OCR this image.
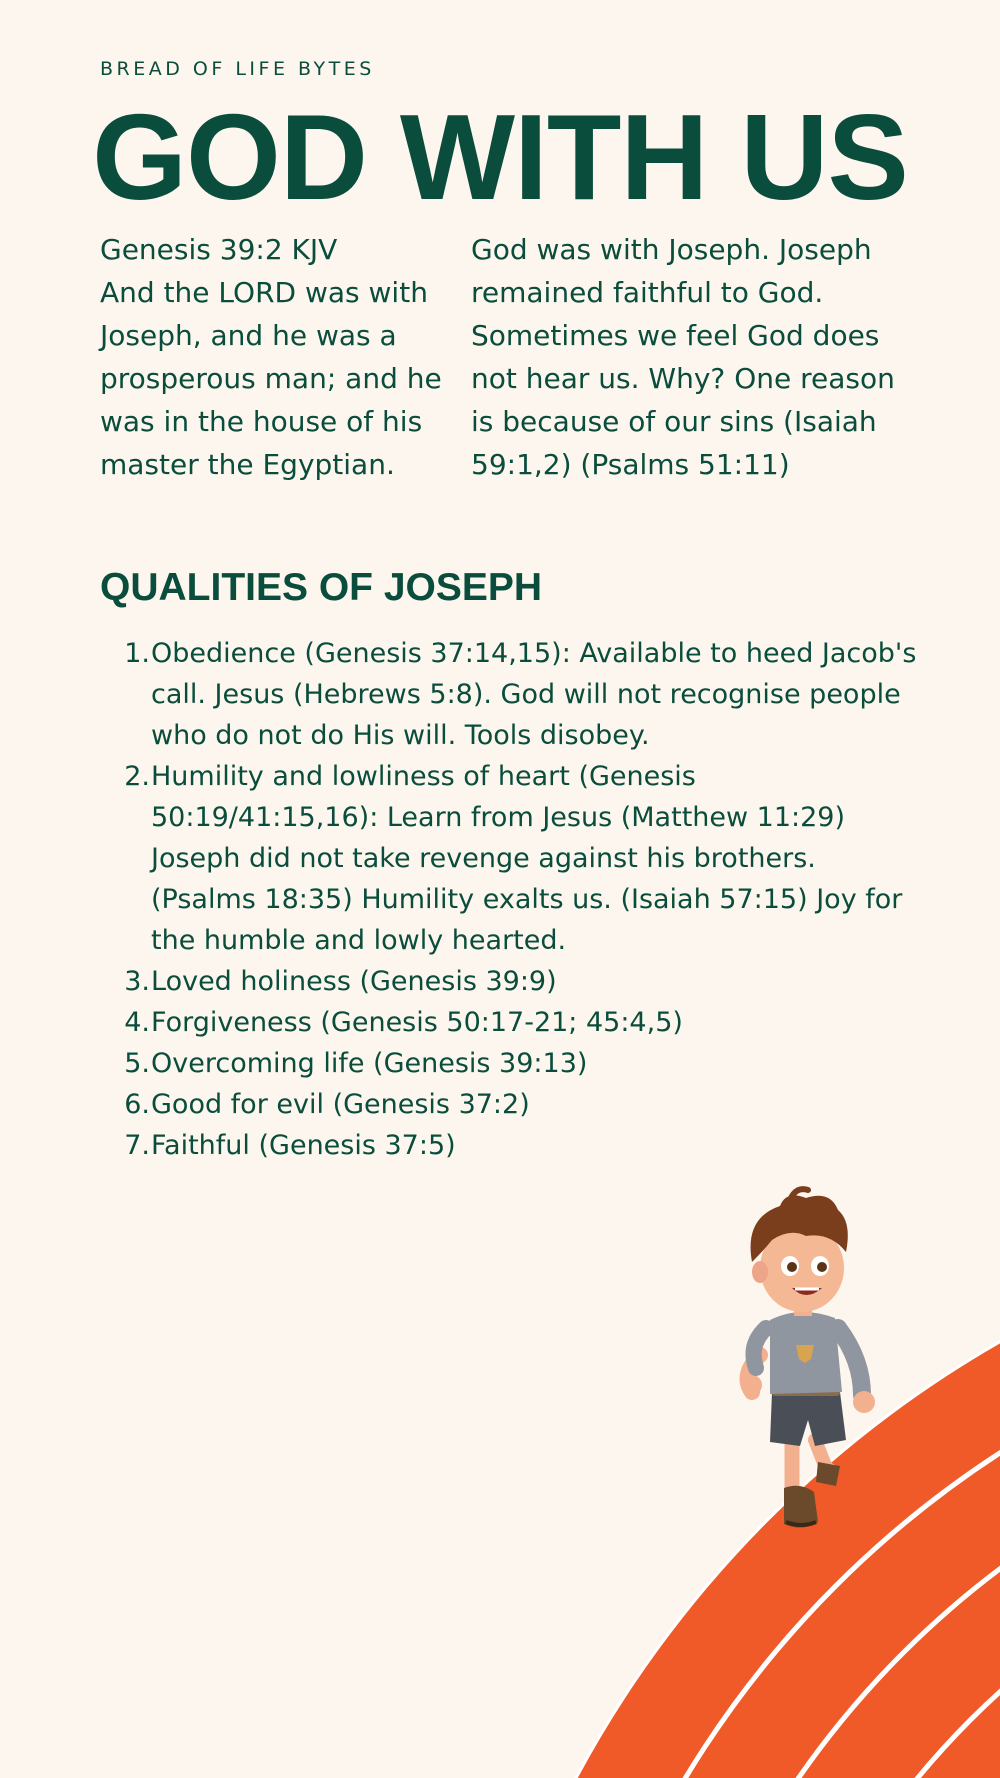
BREAD OF LIFE BYTES
GOD WITH US

Genesis 39:2 KJV

And the LORD was with Joseph, and he was a prosperous man; and he was in the house of his master the Egyptian.

God was with Joseph. Joseph remained faithful to God. Sometimes we feel God does not hear us. Why? One reason is because of our sins (Isaiah 59:1,2) (Psalms 51:11)

QUALITIES OF JOSEPH
1. Obedience (Genesis 37:14,15): Available to heed Jacob's call. Jesus (Hebrews 5:8). God will not recognise people who do not do His will. Tools disobey.
2. Humility and lowliness of heart (Genesis 50:19/41:15,16): Learn from Jesus (Matthew 11:29) Joseph did not take revenge against his brothers. (Psalms 18:35) Humility exalts us. (Isaiah 57:15) Joy for the humble and lowly hearted.
3. Loved holiness (Genesis 39:9)
4. Forgiveness (Genesis 50:17-21; 45:4,5)
5. Overcoming life (Genesis 39:13)
6. Good for evil (Genesis 37:2)
7. Faithful (Genesis 37:5)
